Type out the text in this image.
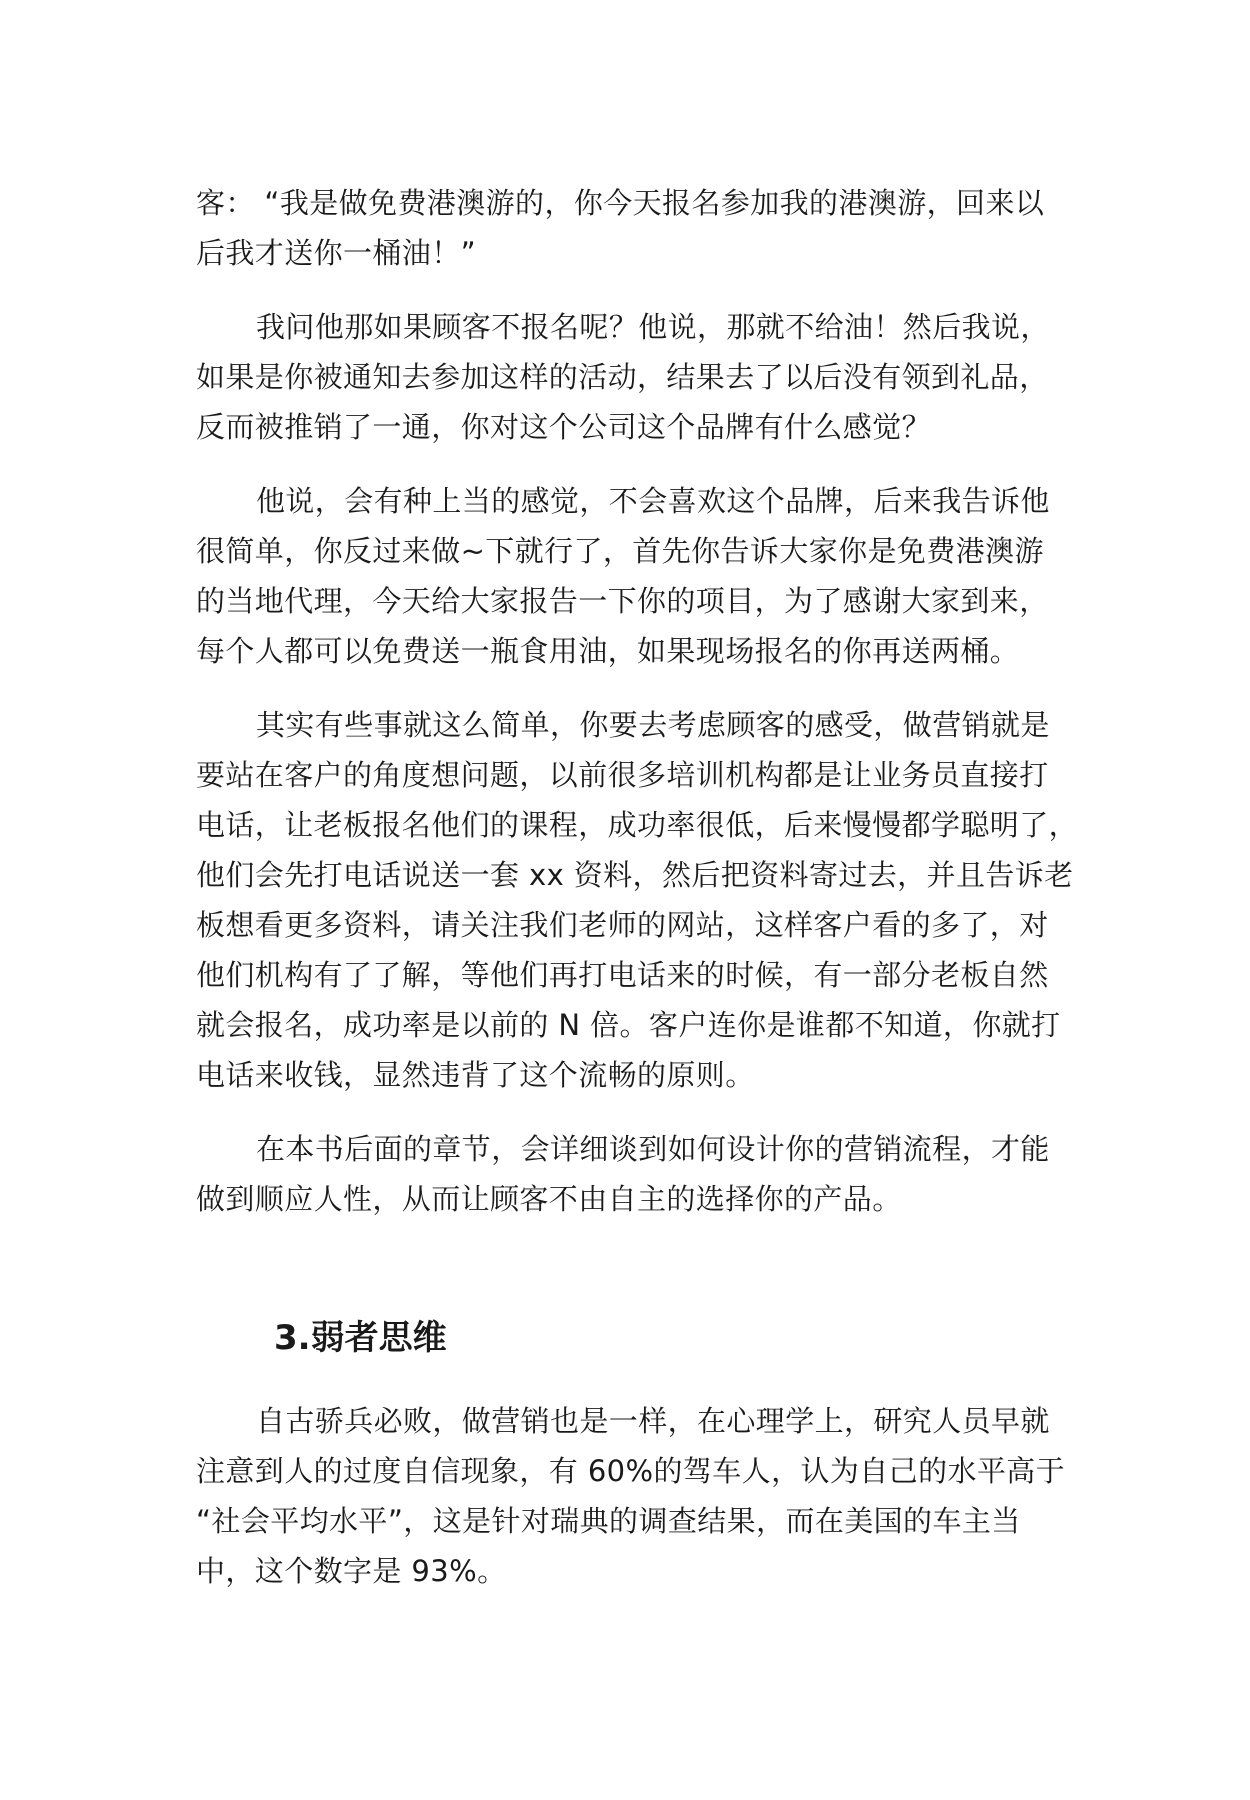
客： “我是做免费港澳游的，你今天报名参加我的港澳游，回来以
后我才送你一桶油！”

我问他那如果顾客不报名呢？他说，那就不给油！然后我说，
如果是你被通知去参加这样的活动，结果去了以后没有领到礼品，
反而被推销了一通，你对这个公司这个品牌有什么感觉？

他说，会有种上当的感觉，不会喜欢这个品牌，后来我告诉他
很简单，你反过来做~下就行了，首先你告诉大家你是免费港澳游
的当地代理，今天给大家报告一下你的项目，为了感谢大家到来，
每个人都可以免费送一瓶食用油，如果现场报名的你再送两桶。

其实有些事就这么简单，你要去考虑顾客的感受，做营销就是
要站在客户的角度想问题，以前很多培训机构都是让业务员直接打
电话，让老板报名他们的课程，成功率很低，后来慢慢都学聪明了，
他们会先打电话说送一套 xx 资料，然后把资料寄过去，并且告诉老
板想看更多资料，请关注我们老师的网站，这样客户看的多了，对
他们机构有了了解，等他们再打电话来的时候，有一部分老板自然
就会报名，成功率是以前的 N 倍。客户连你是谁都不知道，你就打
电话来收钱，显然违背了这个流畅的原则。

在本书后面的章节，会详细谈到如何设计你的营销流程，才能
做到顺应人性，从而让顾客不由自主的选择你的产品。

3.弱者思维

自古骄兵必败，做营销也是一样，在心理学上，研究人员早就
注意到人的过度自信现象，有 60%的驾车人，认为自己的水平高于
“社会平均水平”，这是针对瑞典的调查结果，而在美国的车主当
中，这个数字是 93%。
